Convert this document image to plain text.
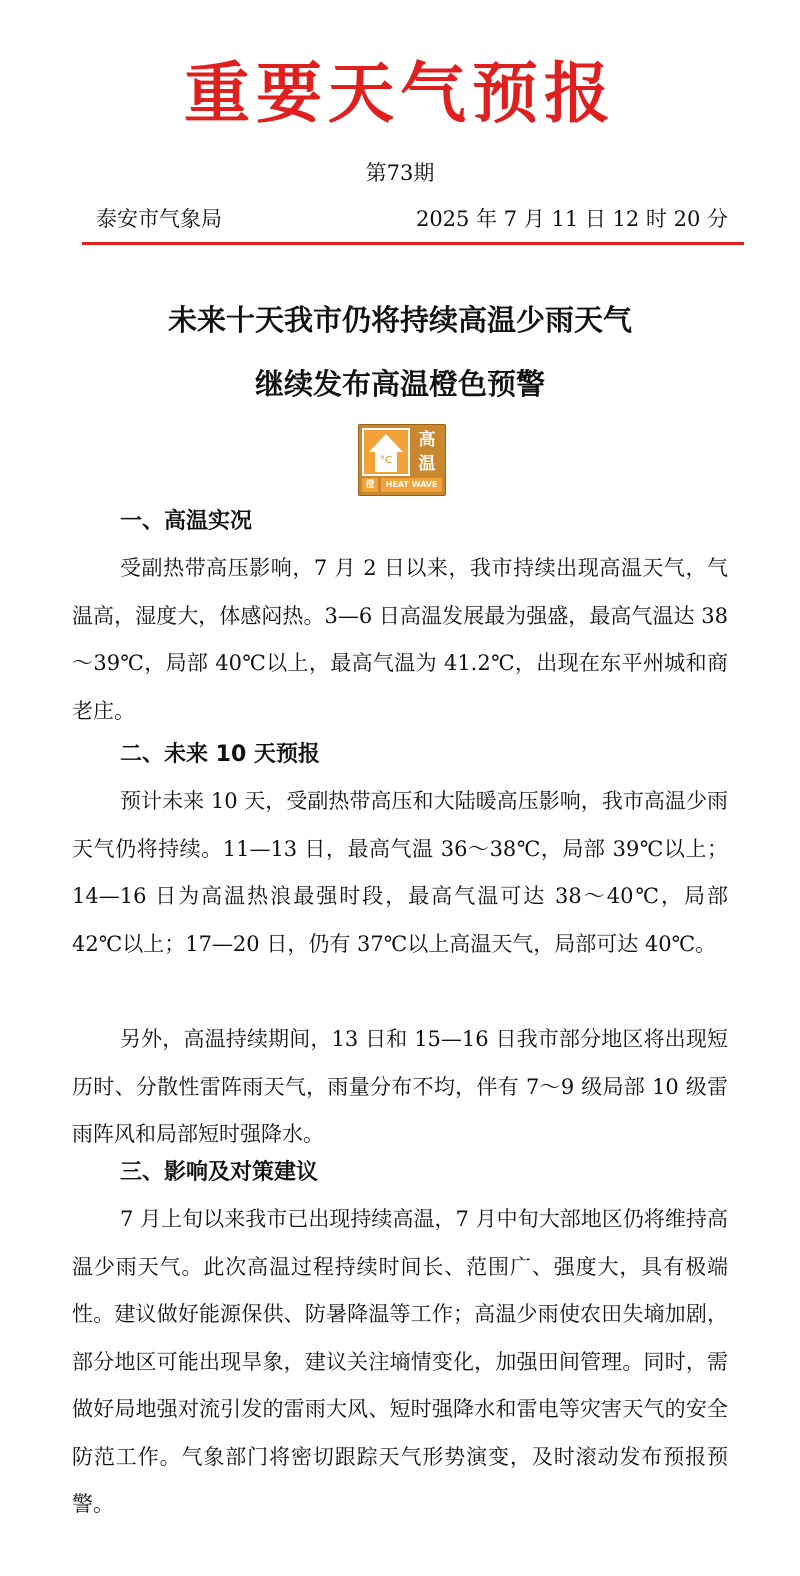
重要天气预报
第73期
泰安市气象局	2025 年 7 月 11 日 12 时 20 分
未来十天我市仍将持续高温少雨天气
继续发布高温橙色预警
°C
高
温
橙	HEAT WAVE
一、高温实况

受副热带高压影响，7 月 2 日以来，我市持续出现高温天气，气温高，湿度大，体感闷热。3—6 日高温发展最为强盛，最高气温达 38～39℃，局部 40℃以上，最高气温为 41.2℃，出现在东平州城和商老庄。

二、未来 10 天预报

预计未来 10 天，受副热带高压和大陆暖高压影响，我市高温少雨天气仍将持续。11—13 日，最高气温 36～38℃，局部 39℃以上；14—16 日为高温热浪最强时段，最高气温可达 38～40℃，局部 42℃以上；17—20 日，仍有 37℃以上高温天气，局部可达 40℃。

另外，高温持续期间，13 日和 15—16 日我市部分地区将出现短历时、分散性雷阵雨天气，雨量分布不均，伴有 7～9 级局部 10 级雷雨阵风和局部短时强降水。

三、影响及对策建议

7 月上旬以来我市已出现持续高温，7 月中旬大部地区仍将维持高温少雨天气。此次高温过程持续时间长、范围广、强度大，具有极端性。建议做好能源保供、防暑降温等工作；高温少雨使农田失墒加剧，部分地区可能出现旱象，建议关注墒情变化，加强田间管理。同时，需做好局地强对流引发的雷雨大风、短时强降水和雷电等灾害天气的安全防范工作。气象部门将密切跟踪天气形势演变，及时滚动发布预报预警。
